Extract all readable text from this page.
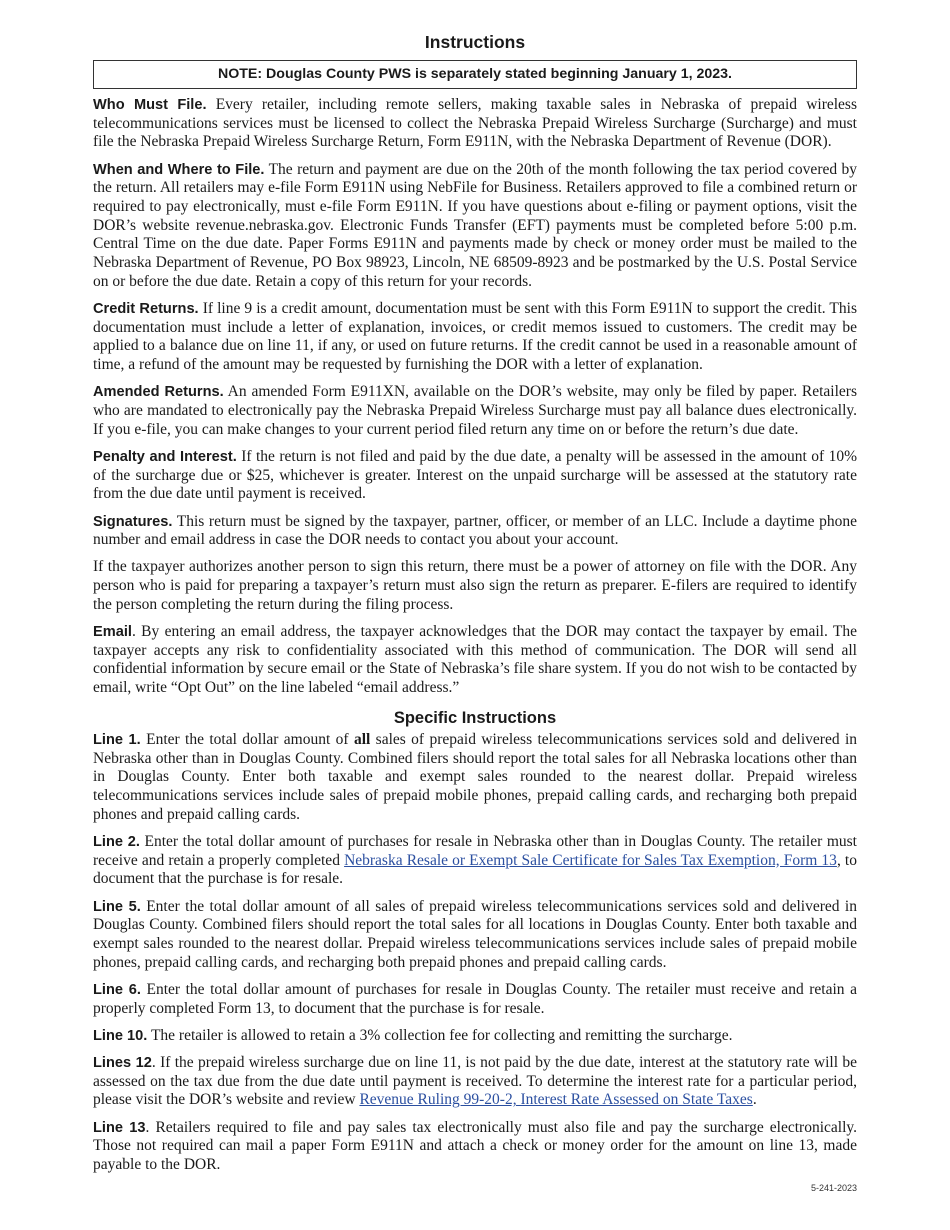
Instructions
NOTE: Douglas County PWS is separately stated beginning January 1, 2023.

Who Must File. Every retailer, including remote sellers, making taxable sales in Nebraska of prepaid wireless telecommunications services must be licensed to collect the Nebraska Prepaid Wireless Surcharge (Surcharge) and must file the Nebraska Prepaid Wireless Surcharge Return, Form E911N, with the Nebraska Department of Revenue (DOR).

When and Where to File. The return and payment are due on the 20th of the month following the tax period covered by the return. All retailers may e-file Form E911N using NebFile for Business. Retailers approved to file a combined return or required to pay electronically, must e-file Form E911N. If you have questions about e-filing or payment options, visit the DOR’s website revenue.nebraska.gov. Electronic Funds Transfer (EFT) payments must be completed before 5:00 p.m. Central Time on the due date. Paper Forms E911N and payments made by check or money order must be mailed to the Nebraska Department of Revenue, PO Box 98923, Lincoln, NE 68509-8923 and be postmarked by the U.S. Postal Service on or before the due date. Retain a copy of this return for your records.

Credit Returns. If line 9 is a credit amount, documentation must be sent with this Form E911N to support the credit. This documentation must include a letter of explanation, invoices, or credit memos issued to customers. The credit may be applied to a balance due on line 11, if any, or used on future returns. If the credit cannot be used in a reasonable amount of time, a refund of the amount may be requested by furnishing the DOR with a letter of explanation.

Amended Returns. An amended Form E911XN, available on the DOR’s website, may only be filed by paper. Retailers who are mandated to electronically pay the Nebraska Prepaid Wireless Surcharge must pay all balance dues electronically. If you e-file, you can make changes to your current period filed return any time on or before the return’s due date.

Penalty and Interest. If the return is not filed and paid by the due date, a penalty will be assessed in the amount of 10% of the surcharge due or $25, whichever is greater. Interest on the unpaid surcharge will be assessed at the statutory rate from the due date until payment is received.

Signatures. This return must be signed by the taxpayer, partner, officer, or member of an LLC. Include a daytime phone number and email address in case the DOR needs to contact you about your account.

If the taxpayer authorizes another person to sign this return, there must be a power of attorney on file with the DOR. Any person who is paid for preparing a taxpayer’s return must also sign the return as preparer. E-filers are required to identify the person completing the return during the filing process.

Email. By entering an email address, the taxpayer acknowledges that the DOR may contact the taxpayer by email. The taxpayer accepts any risk to confidentiality associated with this method of communication. The DOR will send all confidential information by secure email or the State of Nebraska’s file share system. If you do not wish to be contacted by email, write “Opt Out” on the line labeled “email address.”

Specific Instructions

Line 1. Enter the total dollar amount of all sales of prepaid wireless telecommunications services sold and delivered in Nebraska other than in Douglas County. Combined filers should report the total sales for all Nebraska locations other than in Douglas County. Enter both taxable and exempt sales rounded to the nearest dollar. Prepaid wireless telecommunications services include sales of prepaid mobile phones, prepaid calling cards, and recharging both prepaid phones and prepaid calling cards.

Line 2. Enter the total dollar amount of purchases for resale in Nebraska other than in Douglas County. The retailer must receive and retain a properly completed Nebraska Resale or Exempt Sale Certificate for Sales Tax Exemption, Form 13, to document that the purchase is for resale.

Line 5. Enter the total dollar amount of all sales of prepaid wireless telecommunications services sold and delivered in Douglas County. Combined filers should report the total sales for all locations in Douglas County. Enter both taxable and exempt sales rounded to the nearest dollar. Prepaid wireless telecommunications services include sales of prepaid mobile phones, prepaid calling cards, and recharging both prepaid phones and prepaid calling cards.

Line 6. Enter the total dollar amount of purchases for resale in Douglas County. The retailer must receive and retain a properly completed Form 13, to document that the purchase is for resale.

Line 10. The retailer is allowed to retain a 3% collection fee for collecting and remitting the surcharge.

Lines 12. If the prepaid wireless surcharge due on line 11, is not paid by the due date, interest at the statutory rate will be assessed on the tax due from the due date until payment is received. To determine the interest rate for a particular period, please visit the DOR’s website and review Revenue Ruling 99-20-2, Interest Rate Assessed on State Taxes.

Line 13. Retailers required to file and pay sales tax electronically must also file and pay the surcharge electronically. Those not required can mail a paper Form E911N and attach a check or money order for the amount on line 13, made payable to the DOR.

5-241-2023
